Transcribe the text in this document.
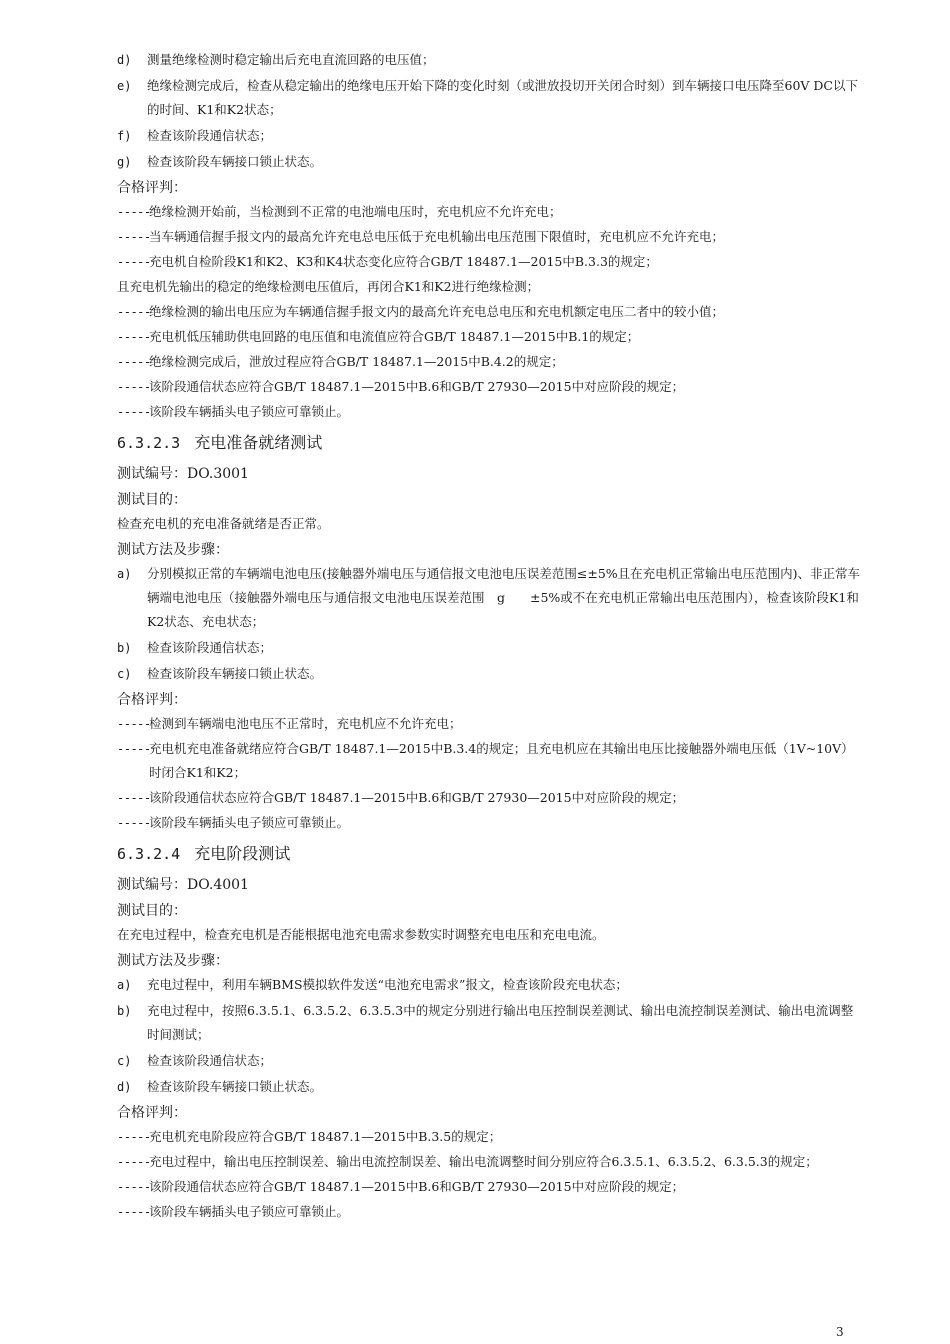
d) 测量绝缘检测时稳定输出后充电直流回路的电压值；
e) 绝缘检测完成后，检查从稳定输出的绝缘电压开始下降的变化时刻（或泄放投切开关闭合时刻）到车辆接口电压降至60V DC以下的时间、K1和K2状态；
f) 检查该阶段通信状态；
g) 检查该阶段车辆接口锁止状态。
合格评判：
-----
绝缘检测开始前，当检测到不正常的电池端电压时，充电机应不允许充电；
-----
当车辆通信握手报文内的最高允许充电总电压低于充电机输出电压范围下限值时，充电机应不允许充电；
-----
充电机自检阶段K1和K2、K3和K4状态变化应符合GB/T 18487.1—2015中B.3.3的规定；
且充电机先输出的稳定的绝缘检测电压值后，再闭合K1和K2进行绝缘检测；
-----
绝缘检测的输出电压应为车辆通信握手报文内的最高允许充电总电压和充电机额定电压二者中的较小值；
-----
充电机低压辅助供电回路的电压值和电流值应符合GB/T 18487.1—2015中B.1的规定；
-----
绝缘检测完成后，泄放过程应符合GB/T 18487.1—2015中B.4.2的规定；
-----
该阶段通信状态应符合GB/T 18487.1—2015中B.6和GB/T 27930—2015中对应阶段的规定；
-----
该阶段车辆插头电子锁应可靠锁止。
6.3.2.3 充电准备就绪测试
测试编号：DO.3001
测试目的：
检查充电机的充电准备就绪是否正常。
测试方法及步骤：
a) 分别模拟正常的车辆端电池电压(接触器外端电压与通信报文电池电压误差范围≤±5%且在充电机正常输出电压范围内)、非正常车辆端电池电压（接触器外端电压与通信报文电池电压误差范围　g　　±5%或不在充电机正常输出电压范围内），检查该阶段K1和K2状态、充电状态；
b) 检查该阶段通信状态；
c) 检查该阶段车辆接口锁止状态。
合格评判：
-----
检测到车辆端电池电压不正常时，充电机应不允许充电；
-----
充电机充电准备就绪应符合GB/T 18487.1—2015中B.3.4的规定；且充电机应在其输出电压比接触器外端电压低（1V~10V）时闭合K1和K2；
-----
该阶段通信状态应符合GB/T 18487.1—2015中B.6和GB/T 27930—2015中对应阶段的规定；
-----
该阶段车辆插头电子锁应可靠锁止。
6.3.2.4 充电阶段测试
测试编号：DO.4001
测试目的：
在充电过程中，检查充电机是否能根据电池充电需求参数实时调整充电电压和充电电流。
测试方法及步骤：
a) 充电过程中，利用车辆BMS模拟软件发送“电池充电需求”报文，检查该阶段充电状态；
b) 充电过程中，按照6.3.5.1、6.3.5.2、6.3.5.3中的规定分别进行输出电压控制误差测试、输出电流控制误差测试、输出电流调整时间测试；
c) 检查该阶段通信状态；
d) 检查该阶段车辆接口锁止状态。
合格评判：
-----
充电机充电阶段应符合GB/T 18487.1—2015中B.3.5的规定；
-----
充电过程中，输出电压控制误差、输出电流控制误差、输出电流调整时间分别应符合6.3.5.1、6.3.5.2、6.3.5.3的规定；
-----
该阶段通信状态应符合GB/T 18487.1—2015中B.6和GB/T 27930—2015中对应阶段的规定；
-----
该阶段车辆插头电子锁应可靠锁止。
3
